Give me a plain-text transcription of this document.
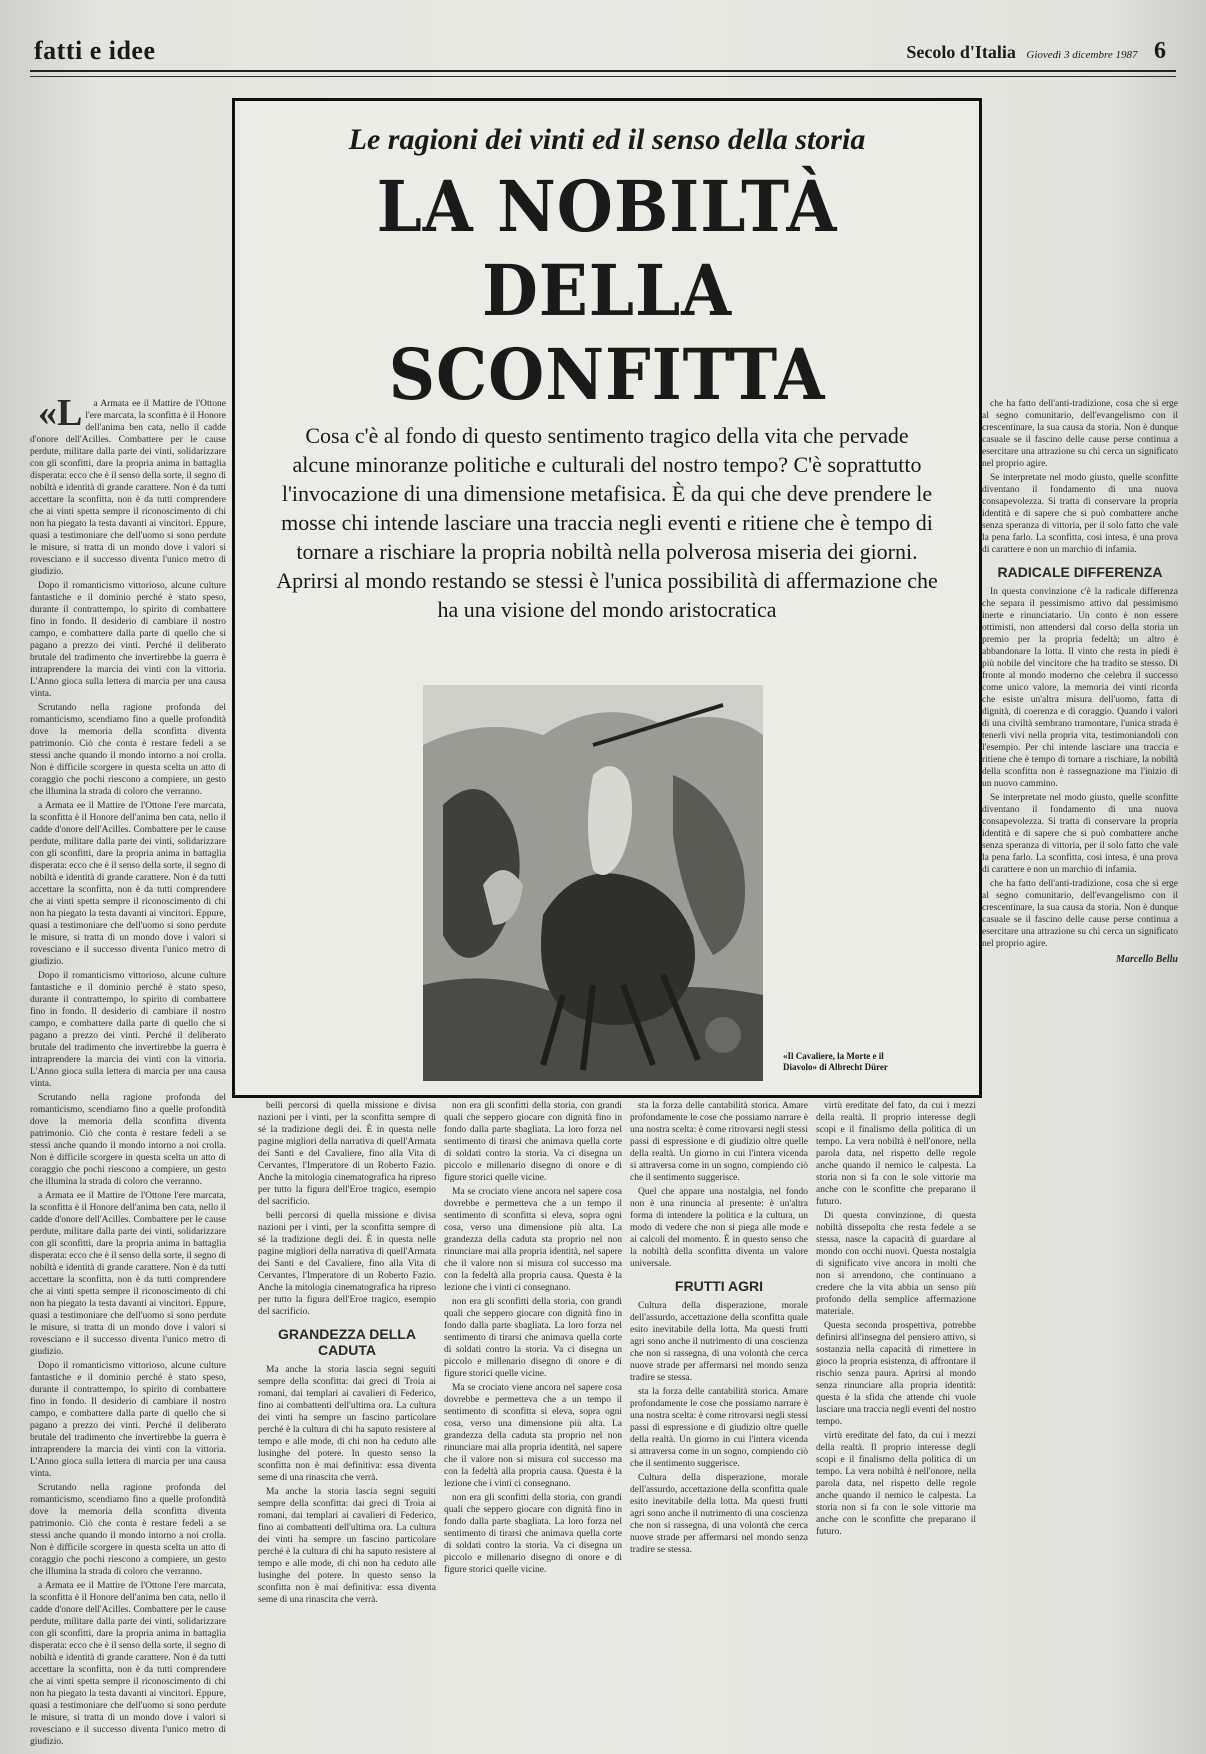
fatti e idee	Secolo d'Italia Giovedì 3 dicembre 1987 6

«L a Armata ee il Mattire de l'Ottone l'ere marcata, la sconfitta è il Honore dell'anima ben cata, nello il cadde d'onore dell'Acilles. Combattere per le cause perdute, militare dalla parte dei vinti, solidarizzare con gli sconfitti, dare la propria anima in battaglia disperata: ecco che è il senso della sorte, il segno di nobiltà e identità di grande carattere. Non è da tutti accettare la sconfitta, non è da tutti comprendere che ai vinti spetta sempre il riconoscimento di chi non ha piegato la testa davanti ai vincitori. Eppure, quasi a testimoniare che dell'uomo si sono perdute le misure, si tratta di un mondo dove i valori si rovesciano e il successo diventa l'unico metro di giudizio.

Dopo il romanticismo vittorioso, alcune culture fantastiche e il dominio perché è stato speso, durante il contrattempo, lo spirito di combattere fino in fondo. Il desiderio di cambiare il nostro campo, e combattere dalla parte di quello che si pagano a prezzo dei vinti. Perché il deliberato brutale del tradimento che invertirebbe la guerra è intraprendere la marcia dei vinti con la vittoria. L'Anno gioca sulla lettera di marcia per una causa vinta.

Scrutando nella ragione profonda del romanticismo, scendiamo fino a quelle profondità dove la memoria della sconfitta diventa patrimonio. Ciò che conta è restare fedeli a se stessi anche quando il mondo intorno a noi crolla. Non è difficile scorgere in questa scelta un atto di coraggio che pochi riescono a compiere, un gesto che illumina la strada di coloro che verranno.

a Armata ee il Mattire de l'Ottone l'ere marcata, la sconfitta è il Honore dell'anima ben cata, nello il cadde d'onore dell'Acilles. Combattere per le cause perdute, militare dalla parte dei vinti, solidarizzare con gli sconfitti, dare la propria anima in battaglia disperata: ecco che è il senso della sorte, il segno di nobiltà e identità di grande carattere. Non è da tutti accettare la sconfitta, non è da tutti comprendere che ai vinti spetta sempre il riconoscimento di chi non ha piegato la testa davanti ai vincitori. Eppure, quasi a testimoniare che dell'uomo si sono perdute le misure, si tratta di un mondo dove i valori si rovesciano e il successo diventa l'unico metro di giudizio.

Dopo il romanticismo vittorioso, alcune culture fantastiche e il dominio perché è stato speso, durante il contrattempo, lo spirito di combattere fino in fondo. Il desiderio di cambiare il nostro campo, e combattere dalla parte di quello che si pagano a prezzo dei vinti. Perché il deliberato brutale del tradimento che invertirebbe la guerra è intraprendere la marcia dei vinti con la vittoria. L'Anno gioca sulla lettera di marcia per una causa vinta.

Scrutando nella ragione profonda del romanticismo, scendiamo fino a quelle profondità dove la memoria della sconfitta diventa patrimonio. Ciò che conta è restare fedeli a se stessi anche quando il mondo intorno a noi crolla. Non è difficile scorgere in questa scelta un atto di coraggio che pochi riescono a compiere, un gesto che illumina la strada di coloro che verranno.

a Armata ee il Mattire de l'Ottone l'ere marcata, la sconfitta è il Honore dell'anima ben cata, nello il cadde d'onore dell'Acilles. Combattere per le cause perdute, militare dalla parte dei vinti, solidarizzare con gli sconfitti, dare la propria anima in battaglia disperata: ecco che è il senso della sorte, il segno di nobiltà e identità di grande carattere. Non è da tutti accettare la sconfitta, non è da tutti comprendere che ai vinti spetta sempre il riconoscimento di chi non ha piegato la testa davanti ai vincitori. Eppure, quasi a testimoniare che dell'uomo si sono perdute le misure, si tratta di un mondo dove i valori si rovesciano e il successo diventa l'unico metro di giudizio.

Dopo il romanticismo vittorioso, alcune culture fantastiche e il dominio perché è stato speso, durante il contrattempo, lo spirito di combattere fino in fondo. Il desiderio di cambiare il nostro campo, e combattere dalla parte di quello che si pagano a prezzo dei vinti. Perché il deliberato brutale del tradimento che invertirebbe la guerra è intraprendere la marcia dei vinti con la vittoria. L'Anno gioca sulla lettera di marcia per una causa vinta.

Scrutando nella ragione profonda del romanticismo, scendiamo fino a quelle profondità dove la memoria della sconfitta diventa patrimonio. Ciò che conta è restare fedeli a se stessi anche quando il mondo intorno a noi crolla. Non è difficile scorgere in questa scelta un atto di coraggio che pochi riescono a compiere, un gesto che illumina la strada di coloro che verranno.

a Armata ee il Mattire de l'Ottone l'ere marcata, la sconfitta è il Honore dell'anima ben cata, nello il cadde d'onore dell'Acilles. Combattere per le cause perdute, militare dalla parte dei vinti, solidarizzare con gli sconfitti, dare la propria anima in battaglia disperata: ecco che è il senso della sorte, il segno di nobiltà e identità di grande carattere. Non è da tutti accettare la sconfitta, non è da tutti comprendere che ai vinti spetta sempre il riconoscimento di chi non ha piegato la testa davanti ai vincitori. Eppure, quasi a testimoniare che dell'uomo si sono perdute le misure, si tratta di un mondo dove i valori si rovesciano e il successo diventa l'unico metro di giudizio.

Le ragioni dei vinti ed il senso della storia
LA NOBILTÀ
DELLA
SCONFITTA
Cosa c'è al fondo di questo sentimento tragico della vita che pervade alcune minoranze politiche e culturali del nostro tempo? C'è soprattutto l'invocazione di una dimensione metafisica. È da qui che deve prendere le mosse chi intende lasciare una traccia negli eventi e ritiene che è tempo di tornare a rischiare la propria nobiltà nella polverosa miseria dei giorni. Aprirsi al mondo restando se stessi è l'unica possibilità di affermazione che ha una visione del mondo aristocratica
«Il Cavaliere, la Morte e il Diavolo» di Albrecht Dürer

che ha fatto dell'anti-tradizione, cosa che si erge al segno comunitario, dell'evangelismo con il crescentinare, la sua causa da storia. Non è dunque casuale se il fascino delle cause perse continua a esercitare una attrazione su chi cerca un significato nel proprio agire.

Se interpretate nel modo giusto, quelle sconfitte diventano il fondamento di una nuova consapevolezza. Si tratta di conservare la propria identità e di sapere che si può combattere anche senza speranza di vittoria, per il solo fatto che vale la pena farlo. La sconfitta, così intesa, è una prova di carattere e non un marchio di infamia.

RADICALE DIFFERENZA

In questa convinzione c'è la radicale differenza che separa il pessimismo attivo dal pessimismo inerte e rinunciatario. Un conto è non essere ottimisti, non attendersi dal corso della storia un premio per la propria fedeltà; un altro è abbandonare la lotta. Il vinto che resta in piedi è più nobile del vincitore che ha tradito se stesso. Di fronte al mondo moderno che celebra il successo come unico valore, la memoria dei vinti ricorda che esiste un'altra misura dell'uomo, fatta di dignità, di coerenza e di coraggio. Quando i valori di una civiltà sembrano tramontare, l'unica strada è tenerli vivi nella propria vita, testimoniandoli con l'esempio. Per chi intende lasciare una traccia e ritiene che è tempo di tornare a rischiare, la nobiltà della sconfitta non è rassegnazione ma l'inizio di un nuovo cammino.

Se interpretate nel modo giusto, quelle sconfitte diventano il fondamento di una nuova consapevolezza. Si tratta di conservare la propria identità e di sapere che si può combattere anche senza speranza di vittoria, per il solo fatto che vale la pena farlo. La sconfitta, così intesa, è una prova di carattere e non un marchio di infamia.

che ha fatto dell'anti-tradizione, cosa che si erge al segno comunitario, dell'evangelismo con il crescentinare, la sua causa da storia. Non è dunque casuale se il fascino delle cause perse continua a esercitare una attrazione su chi cerca un significato nel proprio agire.

Marcello Bellu

belli percorsi di quella missione e divisa nazioni per i vinti, per la sconfitta sempre di sé la tradizione degli dei. È in questa nelle pagine migliori della narrativa di quell'Armata dei Santi e del Cavaliere, fino alla Vita di Cervantes, l'Imperatore di un Roberto Fazio. Anche la mitologia cinematografica ha ripreso per tutto la figura dell'Eroe tragico, esempio del sacrificio.

belli percorsi di quella missione e divisa nazioni per i vinti, per la sconfitta sempre di sé la tradizione degli dei. È in questa nelle pagine migliori della narrativa di quell'Armata dei Santi e del Cavaliere, fino alla Vita di Cervantes, l'Imperatore di un Roberto Fazio. Anche la mitologia cinematografica ha ripreso per tutto la figura dell'Eroe tragico, esempio del sacrificio.

GRANDEZZA DELLA CADUTA

Ma anche la storia lascia segni seguiti sempre della sconfitta: dai greci di Troia ai romani, dai templari ai cavalieri di Federico, fino ai combattenti dell'ultima ora. La cultura dei vinti ha sempre un fascino particolare perché è la cultura di chi ha saputo resistere al tempo e alle mode, di chi non ha ceduto alle lusinghe del potere. In questo senso la sconfitta non è mai definitiva: essa diventa seme di una rinascita che verrà.

Ma anche la storia lascia segni seguiti sempre della sconfitta: dai greci di Troia ai romani, dai templari ai cavalieri di Federico, fino ai combattenti dell'ultima ora. La cultura dei vinti ha sempre un fascino particolare perché è la cultura di chi ha saputo resistere al tempo e alle mode, di chi non ha ceduto alle lusinghe del potere. In questo senso la sconfitta non è mai definitiva: essa diventa seme di una rinascita che verrà.

non era gli sconfitti della storia, con grandi quali che seppero giocare con dignità fino in fondo dalla parte sbagliata. La loro forza nel sentimento di tirarsi che animava quella corte di soldati contro la storia. Va ci disegna un piccolo e millenario disegno di onore e di figure storici quelle vicine.

Ma se crociato viene ancora nel sapere cosa dovrebbe e permetteva che a un tempo il sentimento di sconfitta si eleva, sopra ogni cosa, verso una dimensione più alta. La grandezza della caduta sta proprio nel non rinunciare mai alla propria identità, nel sapere che il valore non si misura col successo ma con la fedeltà alla propria causa. Questa è la lezione che i vinti ci consegnano.

non era gli sconfitti della storia, con grandi quali che seppero giocare con dignità fino in fondo dalla parte sbagliata. La loro forza nel sentimento di tirarsi che animava quella corte di soldati contro la storia. Va ci disegna un piccolo e millenario disegno di onore e di figure storici quelle vicine.

Ma se crociato viene ancora nel sapere cosa dovrebbe e permetteva che a un tempo il sentimento di sconfitta si eleva, sopra ogni cosa, verso una dimensione più alta. La grandezza della caduta sta proprio nel non rinunciare mai alla propria identità, nel sapere che il valore non si misura col successo ma con la fedeltà alla propria causa. Questa è la lezione che i vinti ci consegnano.

non era gli sconfitti della storia, con grandi quali che seppero giocare con dignità fino in fondo dalla parte sbagliata. La loro forza nel sentimento di tirarsi che animava quella corte di soldati contro la storia. Va ci disegna un piccolo e millenario disegno di onore e di figure storici quelle vicine.

sta la forza delle cantabilità storica. Amare profondamente le cose che possiamo narrare è una nostra scelta: è come ritrovarsi negli stessi passi di espressione e di giudizio oltre quelle della realtà. Un giorno in cui l'intera vicenda si attraversa come in un sogno, compiendo ciò che il sentimento suggerisce.

Quel che appare una nostalgia, nel fondo non è una rinuncia al presente: è un'altra forma di intendere la politica e la cultura, un modo di vedere che non si piega alle mode e ai calcoli del momento. È in questo senso che la nobiltà della sconfitta diventa un valore universale.

FRUTTI AGRI

Cultura della disperazione, morale dell'assurdo, accettazione della sconfitta quale esito inevitabile della lotta. Ma questi frutti agri sono anche il nutrimento di una coscienza che non si rassegna, di una volontà che cerca nuove strade per affermarsi nel mondo senza tradire se stessa.

sta la forza delle cantabilità storica. Amare profondamente le cose che possiamo narrare è una nostra scelta: è come ritrovarsi negli stessi passi di espressione e di giudizio oltre quelle della realtà. Un giorno in cui l'intera vicenda si attraversa come in un sogno, compiendo ciò che il sentimento suggerisce.

Cultura della disperazione, morale dell'assurdo, accettazione della sconfitta quale esito inevitabile della lotta. Ma questi frutti agri sono anche il nutrimento di una coscienza che non si rassegna, di una volontà che cerca nuove strade per affermarsi nel mondo senza tradire se stessa.

virtù ereditate del fato, da cui i mezzi della realtà. Il proprio interesse degli scopi e il finalismo della politica di un tempo. La vera nobiltà è nell'onore, nella parola data, nel rispetto delle regole anche quando il nemico le calpesta. La storia non si fa con le sole vittorie ma anche con le sconfitte che preparano il futuro.

Di questa convinzione, di questa nobiltà dissepolta che resta fedele a se stessa, nasce la capacità di guardare al mondo con occhi nuovi. Questa nostalgia di significato vive ancora in molti che non si arrendono, che continuano a credere che la vita abbia un senso più profondo della semplice affermazione materiale.

Questa seconda prospettiva, potrebbe definirsi all'insegna del pensiero attivo, si sostanzia nella capacità di rimettere in gioco la propria esistenza, di affrontare il rischio senza paura. Aprirsi al mondo senza rinunciare alla propria identità: questa è la sfida che attende chi vuole lasciare una traccia negli eventi del nostro tempo.

virtù ereditate del fato, da cui i mezzi della realtà. Il proprio interesse degli scopi e il finalismo della politica di un tempo. La vera nobiltà è nell'onore, nella parola data, nel rispetto delle regole anche quando il nemico le calpesta. La storia non si fa con le sole vittorie ma anche con le sconfitte che preparano il futuro.
